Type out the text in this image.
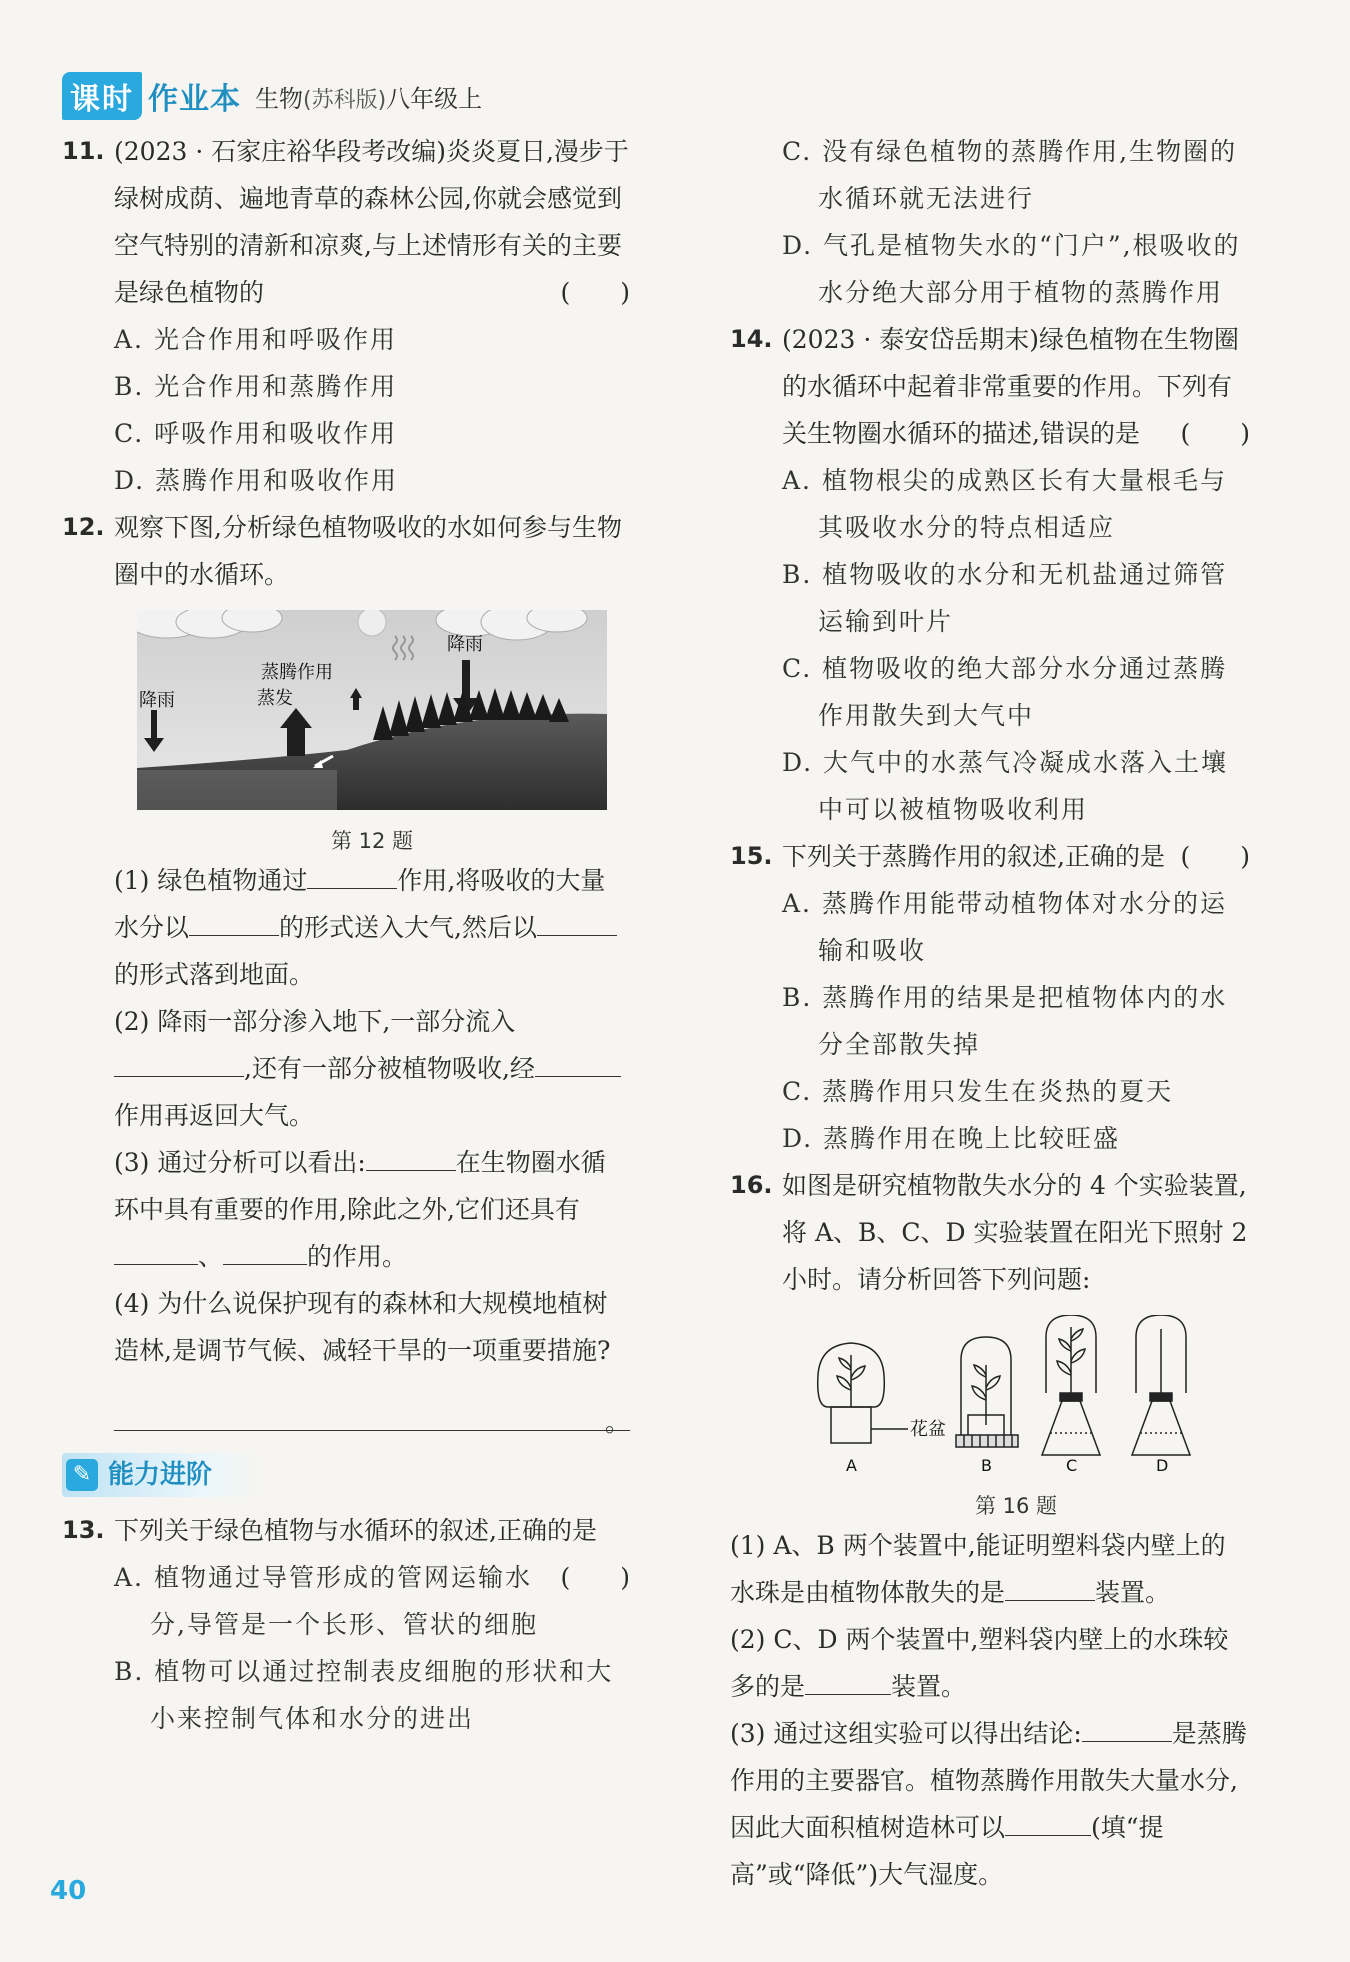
课时 作业本 生物(苏科版)八年级上
11. (2023 · 石家庄裕华段考改编)炎炎夏日,漫步于绿树成荫、遍地青草的森林公园,你就会感觉到空气特别的清新和凉爽,与上述情形有关的主要是绿色植物的	(　　)
A. 光合作用和呼吸作用
B. 光合作用和蒸腾作用
C. 呼吸作用和吸收作用
D. 蒸腾作用和吸收作用
12. 观察下图,分析绿色植物吸收的水如何参与生物圈中的水循环。
降雨	蒸发
蒸腾作用
降雨
第 12 题
(1) 绿色植物通过	作用,将吸收的大量水分以	的形式送入大气,然后以的形式落到地面。
(2) 降雨一部分渗入地下,一部分流入,还有一部分被植物吸收,经作用再返回大气。
(3) 通过分析可以看出:	在生物圈水循环中具有重要的作用,除此之外,它们还具有、	的作用。
(4) 为什么说保护现有的森林和大规模地植树造林,是调节气候、减轻干旱的一项重要措施?
。
✎ 能力进阶
13. 下列关于绿色植物与水循环的叙述,正确的是
(　　)
A. 植物通过导管形成的管网运输水分,导管是一个长形、管状的细胞
B. 植物可以通过控制表皮细胞的形状和大小来控制气体和水分的进出
C. 没有绿色植物的蒸腾作用,生物圈的水循环就无法进行
D. 气孔是植物失水的“门户”,根吸收的水分绝大部分用于植物的蒸腾作用
14. (2023 · 泰安岱岳期末)绿色植物在生物圈的水循环中起着非常重要的作用。下列有关生物圈水循环的描述,错误的是 (　　)
A. 植物根尖的成熟区长有大量根毛与其吸收水分的特点相适应
B. 植物吸收的水分和无机盐通过筛管运输到叶片
C. 植物吸收的绝大部分水分通过蒸腾作用散失到大气中
D. 大气中的水蒸气冷凝成水落入土壤中可以被植物吸收利用
15. 下列关于蒸腾作用的叙述,正确的是 (　　)
A. 蒸腾作用能带动植物体对水分的运输和吸收
B. 蒸腾作用的结果是把植物体内的水分全部散失掉
C. 蒸腾作用只发生在炎热的夏天
D. 蒸腾作用在晚上比较旺盛
16. 如图是研究植物散失水分的 4 个实验装置,将 A、B、C、D 实验装置在阳光下照射 2 小时。请分析回答下列问题:
花盆
A	B	C	D
第 16 题
(1) A、B 两个装置中,能证明塑料袋内壁上的水珠是由植物体散失的是	装置。
(2) C、D 两个装置中,塑料袋内壁上的水珠较多的是	装置。
(3) 通过这组实验可以得出结论:	是蒸腾作用的主要器官。植物蒸腾作用散失大量水分,因此大面积植树造林可以	(填“提高”或“降低”)大气湿度。
40
